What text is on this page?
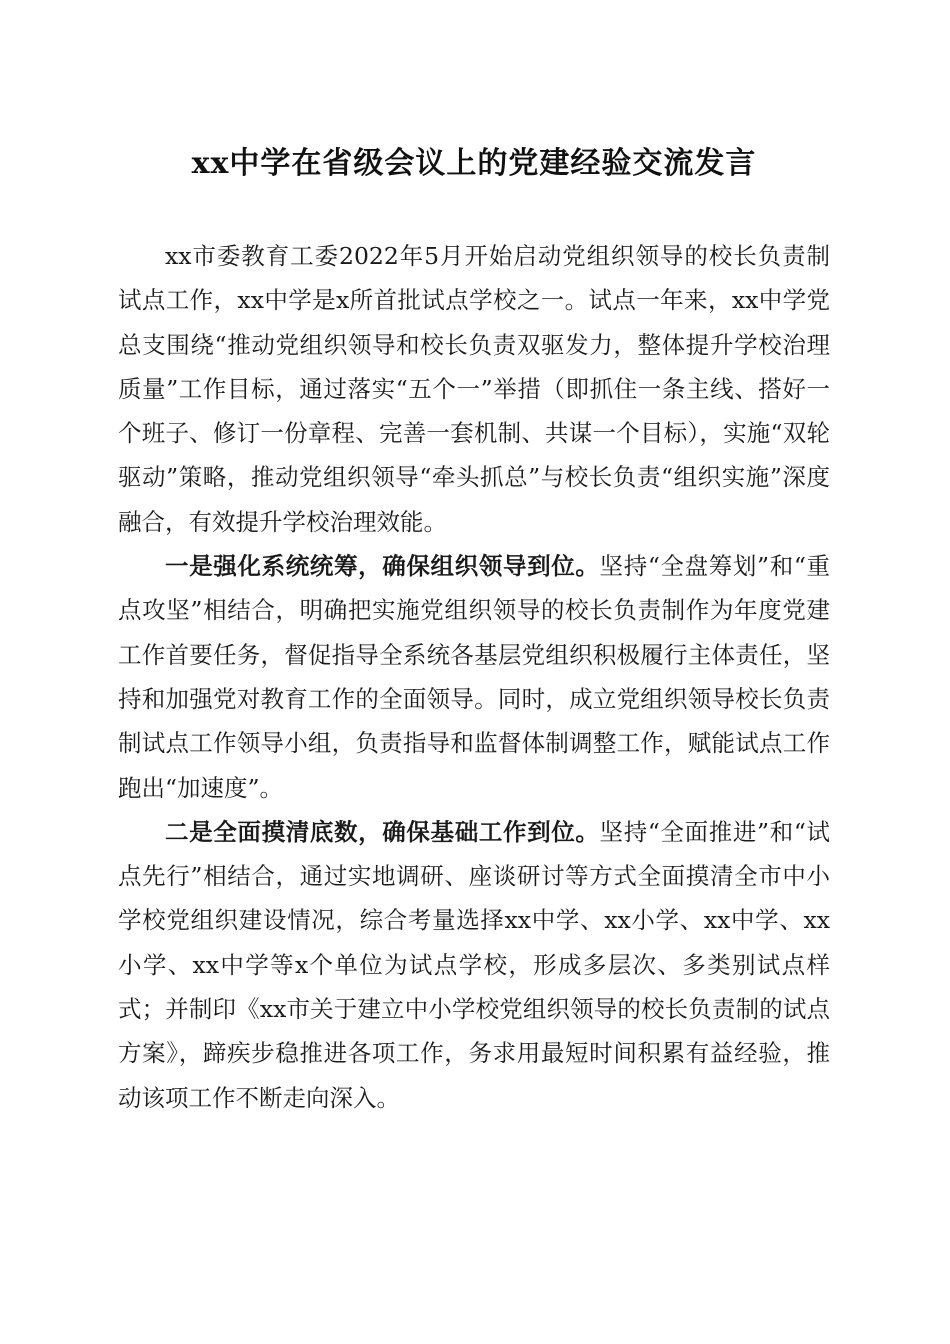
xx中学在省级会议上的党建经验交流发言

xx市委教育工委2022年5月开始启动党组织领导的校长负责制试点工作，xx中学是x所首批试点学校之一。试点一年来，xx中学党总支围绕“推动党组织领导和校长负责双驱发力，整体提升学校治理质量”工作目标，通过落实“五个一”举措（即抓住一条主线、搭好一个班子、修订一份章程、完善一套机制、共谋一个目标），实施“双轮驱动”策略，推动党组织领导“牵头抓总”与校长负责“组织实施”深度融合，有效提升学校治理效能。

一是强化系统统筹，确保组织领导到位。坚持“全盘筹划”和“重点攻坚”相结合，明确把实施党组织领导的校长负责制作为年度党建工作首要任务，督促指导全系统各基层党组织积极履行主体责任，坚持和加强党对教育工作的全面领导。同时，成立党组织领导校长负责制试点工作领导小组，负责指导和监督体制调整工作，赋能试点工作跑出“加速度”。

二是全面摸清底数，确保基础工作到位。坚持“全面推进”和“试点先行”相结合，通过实地调研、座谈研讨等方式全面摸清全市中小学校党组织建设情况，综合考量选择xx中学、xx小学、xx中学、xx小学、xx中学等x个单位为试点学校，形成多层次、多类别试点样式；并制印《xx市关于建立中小学校党组织领导的校长负责制的试点方案》，蹄疾步稳推进各项工作，务求用最短时间积累有益经验，推动该项工作不断走向深入。
